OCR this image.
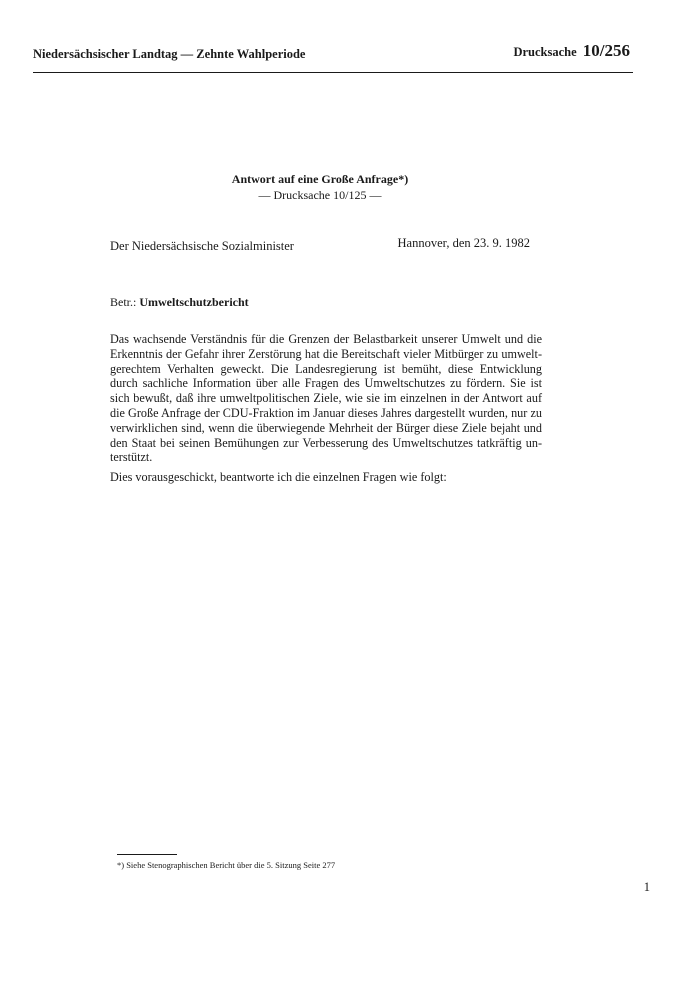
Niedersächsischer Landtag — Zehnte Wahlperiode	Drucksache 10/256
Antwort auf eine Große Anfrage*)
— Drucksache 10/125 —
Der Niedersächsische Sozialminister	Hannover, den 23. 9. 1982
Betr.: Umweltschutzbericht
Das wachsende Verständnis für die Grenzen der Belastbarkeit unserer Umwelt und die Erkenntnis der Gefahr ihrer Zerstörung hat die Bereitschaft vieler Mitbürger zu umweltgerechtem Verhalten geweckt. Die Landesregierung ist bemüht, diese Entwicklung durch sachliche Information über alle Fragen des Umweltschutzes zu fördern. Sie ist sich bewußt, daß ihre umweltpolitischen Ziele, wie sie im einzelnen in der Antwort auf die Große Anfrage der CDU-Fraktion im Januar dieses Jahres dargestellt wurden, nur zu verwirklichen sind, wenn die überwiegende Mehrheit der Bürger diese Ziele bejaht und den Staat bei seinen Bemühungen zur Verbesserung des Umweltschutzes tatkräftig unterstützt.
Dies vorausgeschickt, beantworte ich die einzelnen Fragen wie folgt:
*) Siehe Stenographischen Bericht über die 5. Sitzung Seite 277
1
